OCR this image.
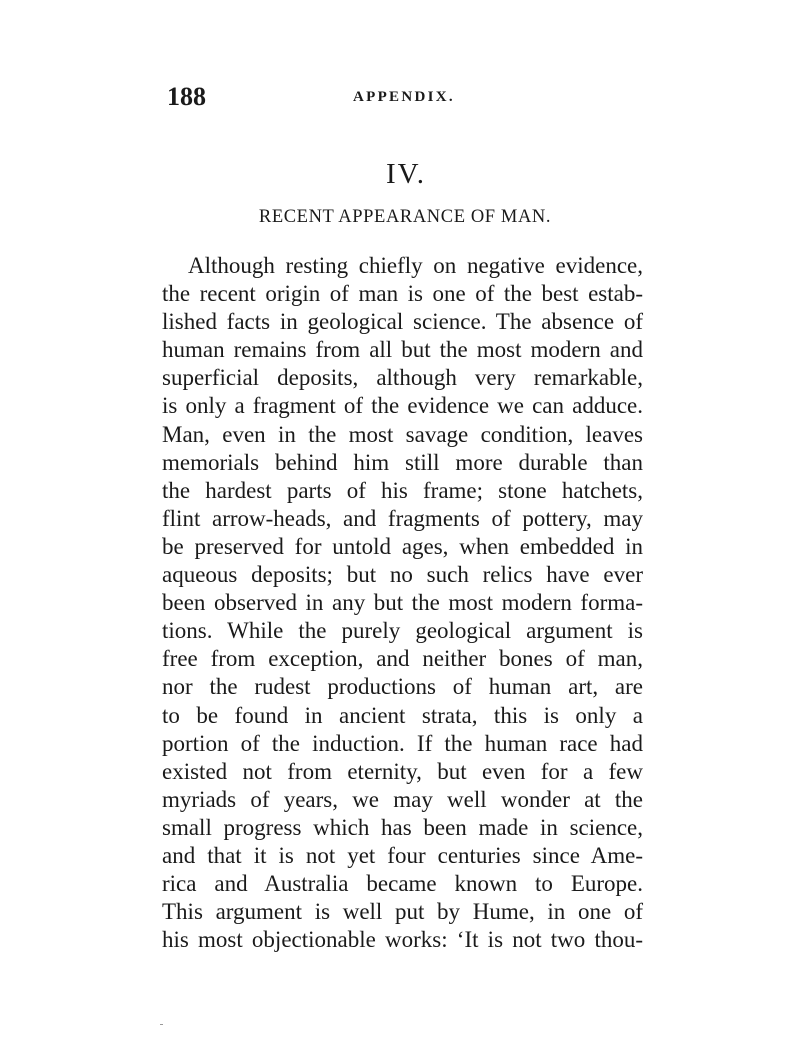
188	APPENDIX.
IV.
RECENT APPEARANCE OF MAN.
Although resting chiefly on negative evidence,
the recent origin of man is one of the best estab-
lished facts in geological science. The absence of
human remains from all but the most modern and
superficial deposits, although very remarkable,
is only a fragment of the evidence we can adduce.
Man, even in the most savage condition, leaves
memorials behind him still more durable than
the hardest parts of his frame; stone hatchets,
flint arrow-heads, and fragments of pottery, may
be preserved for untold ages, when embedded in
aqueous deposits; but no such relics have ever
been observed in any but the most modern forma-
tions. While the purely geological argument is
free from exception, and neither bones of man,
nor the rudest productions of human art, are
to be found in ancient strata, this is only a
portion of the induction. If the human race had
existed not from eternity, but even for a few
myriads of years, we may well wonder at the
small progress which has been made in science,
and that it is not yet four centuries since Ame-
rica and Australia became known to Europe.
This argument is well put by Hume, in one of
his most objectionable works: ‘It is not two thou-
